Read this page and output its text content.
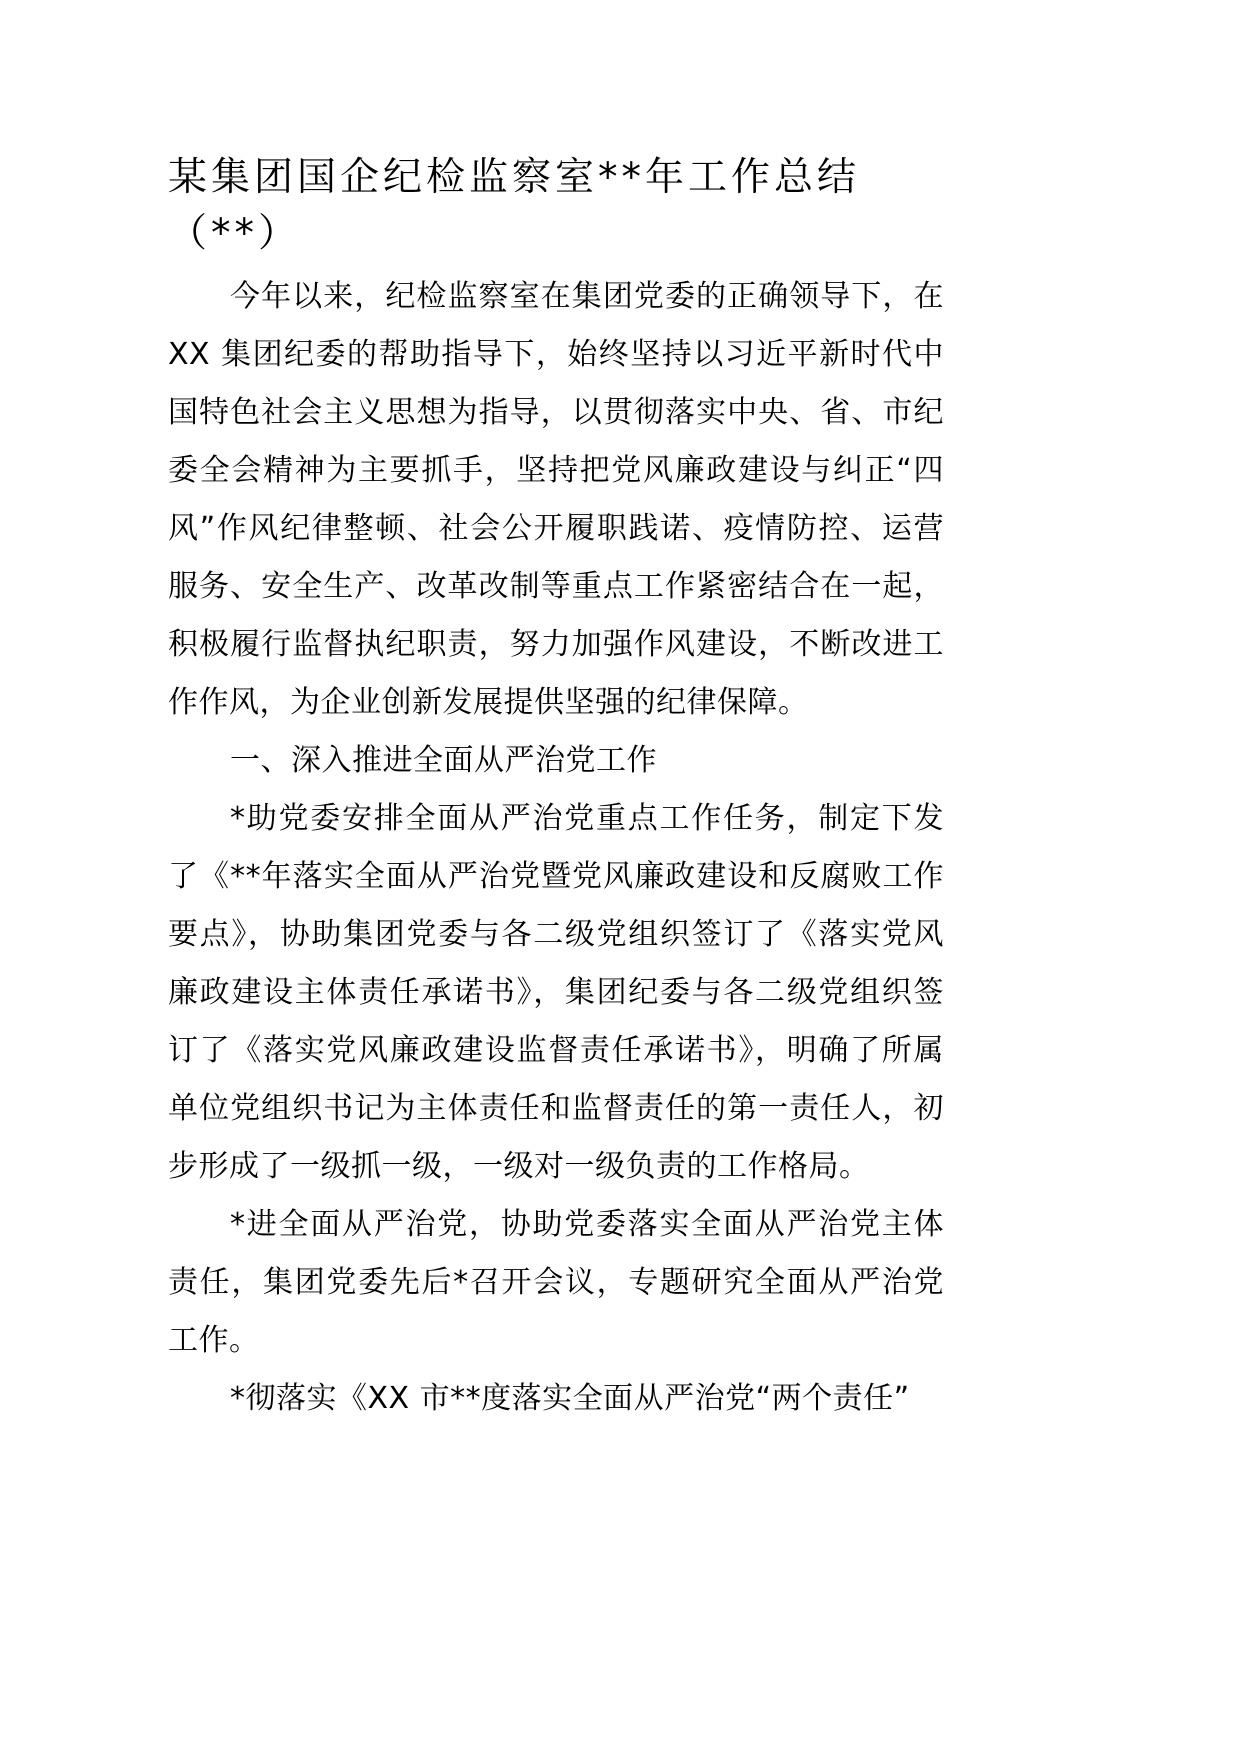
某集团国企纪检监察室**年工作总结（**）

今年以来，纪检监察室在集团党委的正确领导下，在XX 集团纪委的帮助指导下，始终坚持以习近平新时代中国特色社会主义思想为指导，以贯彻落实中央、省、市纪委全会精神为主要抓手，坚持把党风廉政建设与纠正“四风”作风纪律整顿、社会公开履职践诺、疫情防控、运营服务、安全生产、改革改制等重点工作紧密结合在一起，积极履行监督执纪职责，努力加强作风建设，不断改进工作作风，为企业创新发展提供坚强的纪律保障。

一、深入推进全面从严治党工作

*助党委安排全面从严治党重点工作任务，制定下发了《**年落实全面从严治党暨党风廉政建设和反腐败工作要点》，协助集团党委与各二级党组织签订了《落实党风廉政建设主体责任承诺书》，集团纪委与各二级党组织签订了《落实党风廉政建设监督责任承诺书》，明确了所属单位党组织书记为主体责任和监督责任的第一责任人，初步形成了一级抓一级，一级对一级负责的工作格局。

*进全面从严治党，协助党委落实全面从严治党主体责任，集团党委先后*召开会议，专题研究全面从严治党工作。

*彻落实《XX 市**度落实全面从严治党“两个责任”
